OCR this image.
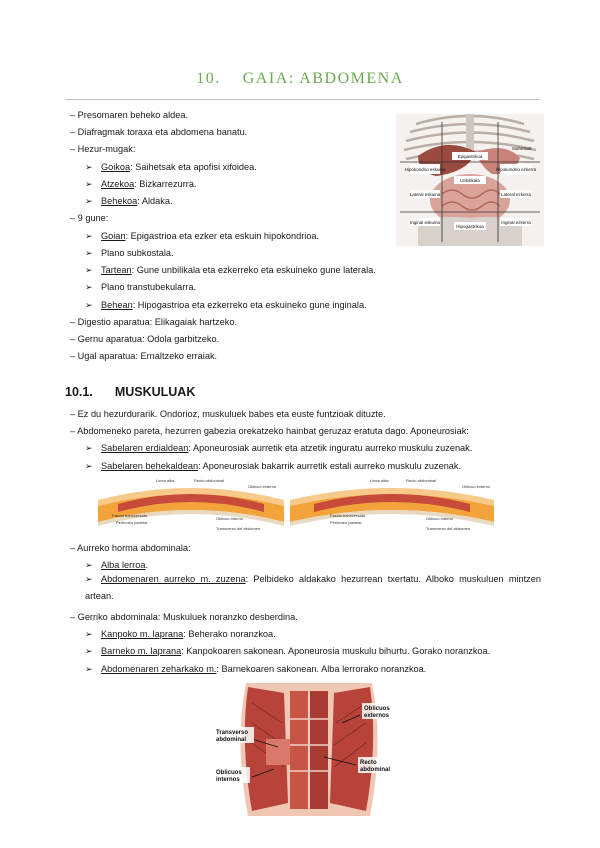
10. GAIA: ABDOMENA
– Presomaren beheko aldea.
– Diafragmak toraxa eta abdomena banatu.
– Hezur-mugak:
➢ Goikoa: Saihetsak eta apofisi xifoidea.
➢ Atzekoa: Bizkarrezurra.
➢ Behekoa: Aldaka.
– 9 gune:
➢ Goian: Epigastrioa eta ezker eta eskuin hipokondrioa.
➢ Plano subkostala.
➢ Tartean: Gune unbilikala eta ezkerreko eta eskuineko gune laterala.
➢ Plano transtubekularra.
➢ Behean: Hipogastrioa eta ezkerreko eta eskuineko gune inginala.
– Digestio aparatua: Elikagaiak hartzeko.
– Gernu aparatua: Odola garbitzeko.
– Ugal aparatua: Ernaltzeko erraiak.
Epigastrikoa
Hipokondrio eskuina	Hipokondrio ezkerra
Unbilikala
Lateral eskuina	Lateral ezkerra
Inginal eskuina
Hipogastrikoa
Inginal ezkerra
Saihetsak
10.1. MUSKULUAK
– Ez du hezurdurarik. Ondorioz, muskuluek babes eta euste funtzioak dituzte.
– Abdomeneko pareta, hezurren gabezia orekatzeko hainbat geruzaz eratuta dago. Aponeurosiak:
➢ Sabelaren erdialdean: Aponeurosiak aurretik eta atzetik inguratu aurreko muskulu zuzenak.
➢ Sabelaren behekaldean: Aponeurosiak bakarrik aurretik estali aurreko muskulu zuzenak.
Linea alba	Recto abdominal
Oblicuo externo
Fascia transversalis
Peritoneo parietal
Oblicuo interno
Transverso del abdomen
Linea alba	Recto abdominal
Oblicuo externo
Fascia transversalis
Peritoneo parietal
Oblicuo interno
Transverso del abdomen
– Aurreko horma abdominala:
➢ Alba lerroa.
➢ Abdomenaren aurreko m. zuzena: Pelbideko aldakako hezurrean txertatu. Alboko muskuluen mintzen artean.
– Gerriko abdominala: Muskuluek noranzko desberdina.
➢ Kanpoko m. laprana: Beherako noranzkoa.
➢ Barneko m. laprana: Kanpokoaren sakonean. Aponeurosia muskulu bihurtu. Gorako noranzkoa.
➢ Abdomenaren zeharkako m.: Barnekoaren sakonean. Alba lerrorako noranzkoa.
Transverso
abdominal
Oblicuos
internos
Oblicuos
externos
Recto
abdominal
